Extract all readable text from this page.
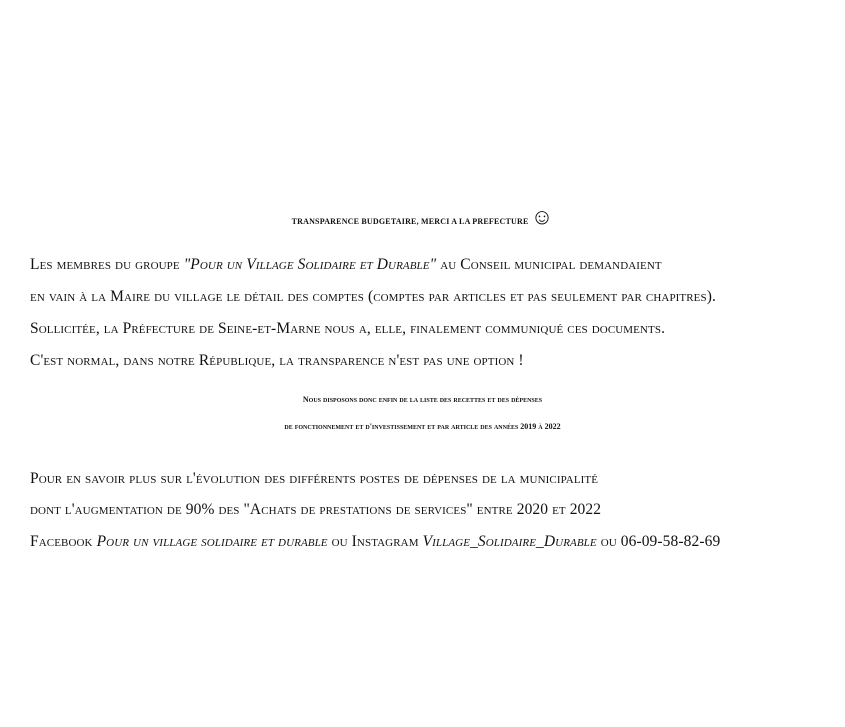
TRANSPARENCE BUDGETAIRE, MERCI A LA PREFECTURE ☺
Les membres du groupe "Pour un Village Solidaire et Durable" au Conseil municipal demandaient
en vain à la Maire du village le détail des comptes (comptes par articles et pas seulement par chapitres).
Sollicitée, la Préfecture de Seine-et-Marne nous a, elle, finalement communiqué ces documents.
C'est normal, dans notre République, la transparence n'est pas une option !
Nous disposons donc enfin de la liste des recettes et des dépenses
de fonctionnement et d'investissement et par article des années 2019 à 2022
Pour en savoir plus sur l'évolution des différents postes de dépenses de la municipalité
dont l'augmentation de 90% des "Achats de prestations de services" entre 2020 et 2022
Facebook Pour un village solidaire et durable ou Instagram Village_Solidaire_Durable ou 06-09-58-82-69
